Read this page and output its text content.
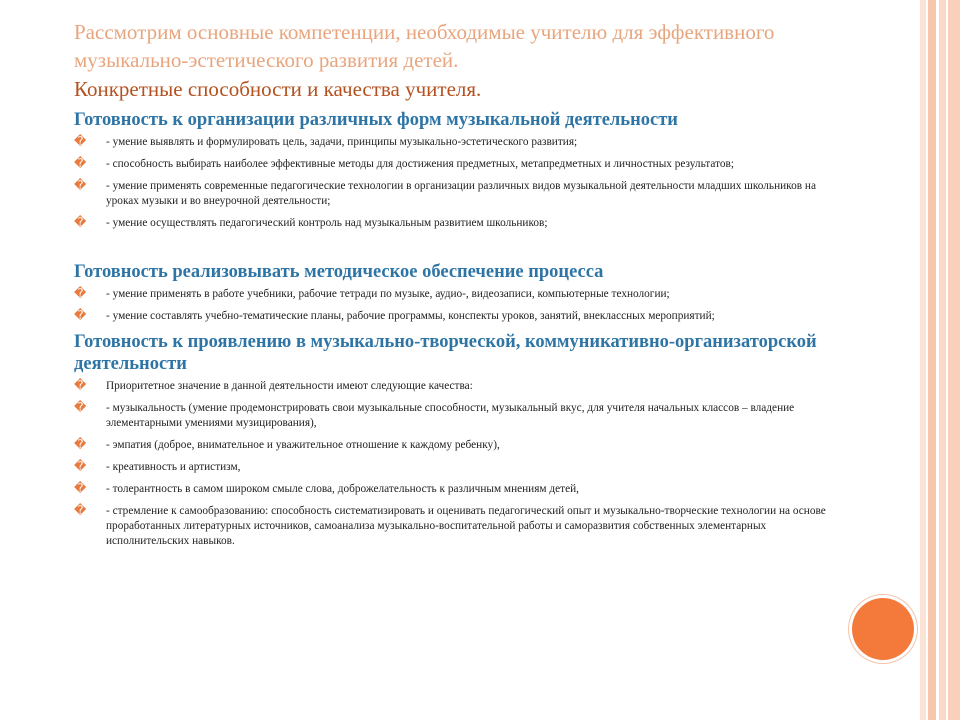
Рассмотрим основные компетенции, необходимые учителю для эффективного музыкально-эстетического развития детей.
Конкретные способности и качества учителя.
Готовность к организации различных форм музыкальной деятельности
� - умение выявлять и формулировать цель, задачи, принципы музыкально-эстетического развития;
� - способность выбирать наиболее эффективные методы для достижения предметных, метапредметных и личностных результатов;
� - умение применять современные педагогические технологии в организации различных видов музыкальной деятельности младших школьников на уроках музыки и во внеурочной деятельности;
� - умение осуществлять педагогический контроль над музыкальным развитием школьников;
Готовность реализовывать методическое обеспечение процесса
� - умение применять в работе учебники, рабочие тетради по музыке, аудио-, видеозаписи, компьютерные технологии;
� - умение составлять учебно-тематические планы, рабочие программы, конспекты уроков, занятий, внеклассных мероприятий;
Готовность к проявлению в музыкально-творческой, коммуникативно-организаторской деятельности
� Приоритетное значение в данной деятельности имеют следующие качества:
� - музыкальность (умение продемонстрировать свои музыкальные способности, музыкальный вкус, для учителя начальных классов – владение элементарными умениями музицирования),
� - эмпатия (доброе, внимательное и уважительное отношение к каждому ребенку),
� - креативность и артистизм,
� - толерантность в самом широком смыле слова, доброжелательность к различным мнениям детей,
� - стремление к самообразованию: способность систематизировать и оценивать педагогический опыт и музыкально-творческие технологии на основе проработанных литературных источников, самоанализа музыкально-воспитательной работы и саморазвития собственных элементарных исполнительских навыков.
